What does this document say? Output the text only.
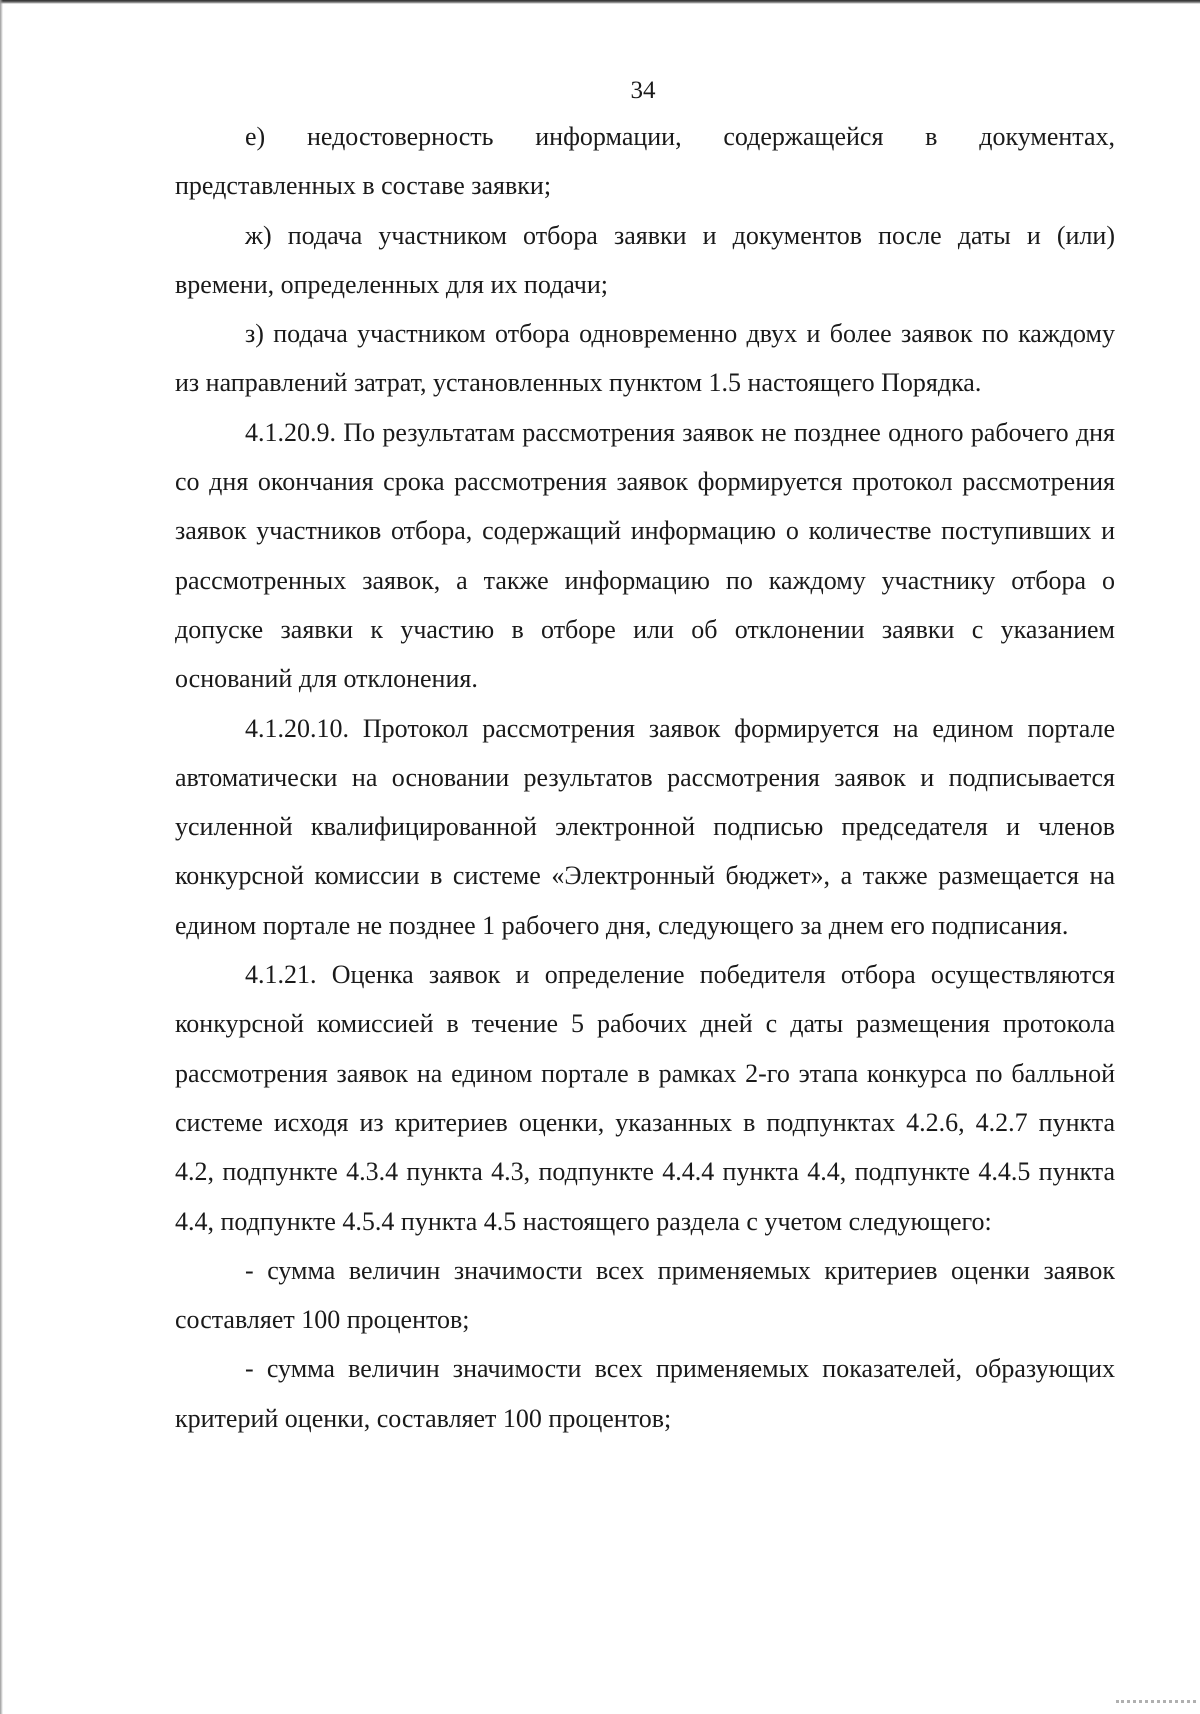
34

е) недостоверность информации, содержащейся в документах, представленных в составе заявки;

ж) подача участником отбора заявки и документов после даты и (или) времени, определенных для их подачи;

з) подача участником отбора одновременно двух и более заявок по каждому из направлений затрат, установленных пунктом 1.5 настоящего Порядка.

4.1.20.9. По результатам рассмотрения заявок не позднее одного рабочего дня со дня окончания срока рассмотрения заявок формируется протокол рассмотрения заявок участников отбора, содержащий информацию о количестве поступивших и рассмотренных заявок, а также информацию по каждому участнику отбора о допуске заявки к участию в отборе или об отклонении заявки с указанием оснований для отклонения.

4.1.20.10. Протокол рассмотрения заявок формируется на едином портале автоматически на основании результатов рассмотрения заявок и подписывается усиленной квалифицированной электронной подписью председателя и членов конкурсной комиссии в системе «Электронный бюджет», а также размещается на едином портале не позднее 1 рабочего дня, следующего за днем его подписания.

4.1.21. Оценка заявок и определение победителя отбора осуществляются конкурсной комиссией в течение 5 рабочих дней с даты размещения протокола рассмотрения заявок на едином портале в рамках 2-го этапа конкурса по балльной системе исходя из критериев оценки, указанных в подпунктах 4.2.6, 4.2.7 пункта 4.2, подпункте 4.3.4 пункта 4.3, подпункте 4.4.4 пункта 4.4, подпункте 4.4.5 пункта 4.4, подпункте 4.5.4 пункта 4.5 настоящего раздела с учетом следующего:

- сумма величин значимости всех применяемых критериев оценки заявок составляет 100 процентов;

- сумма величин значимости всех применяемых показателей, образующих критерий оценки, составляет 100 процентов;
